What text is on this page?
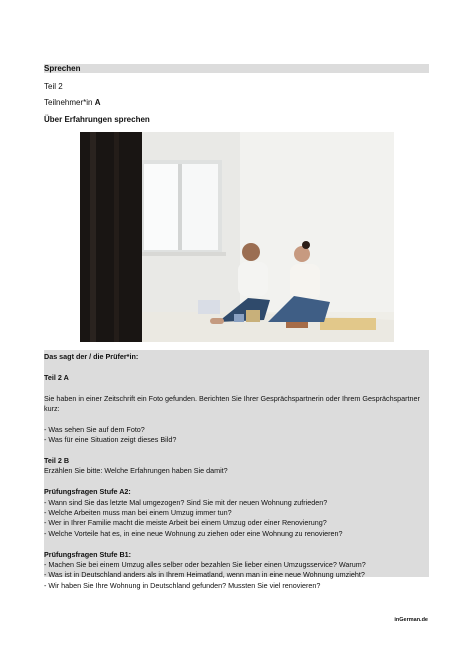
Sprechen
Teil 2
Teilnehmer*in A
Über Erfahrungen sprechen
Das sagt der / die Prüfer*in:
Teil 2 A
Sie haben in einer Zeitschrift ein Foto gefunden. Berichten Sie Ihrer Gesprächspartnerin oder Ihrem Gesprächspartner
kurz:
- Was sehen Sie auf dem Foto?
- Was für eine Situation zeigt dieses Bild?
Teil 2 B
Erzählen Sie bitte: Welche Erfahrungen haben Sie damit?
Prüfungsfragen Stufe A2:
- Wann sind Sie das letzte Mal umgezogen? Sind Sie mit der neuen Wohnung zufrieden?
- Welche Arbeiten muss man bei einem Umzug immer tun?
- Wer in Ihrer Familie macht die meiste Arbeit bei einem Umzug oder einer Renovierung?
- Welche Vorteile hat es, in eine neue Wohnung zu ziehen oder eine Wohnung zu renovieren?
Prüfungsfragen Stufe B1:
- Machen Sie bei einem Umzug alles selber oder bezahlen Sie lieber einen Umzugsservice? Warum?
- Was ist in Deutschland anders als in Ihrem Heimatland, wenn man in eine neue Wohnung umzieht?
- Wir haben Sie Ihre Wohnung in Deutschland gefunden? Mussten Sie viel renovieren?
inGerman.de
